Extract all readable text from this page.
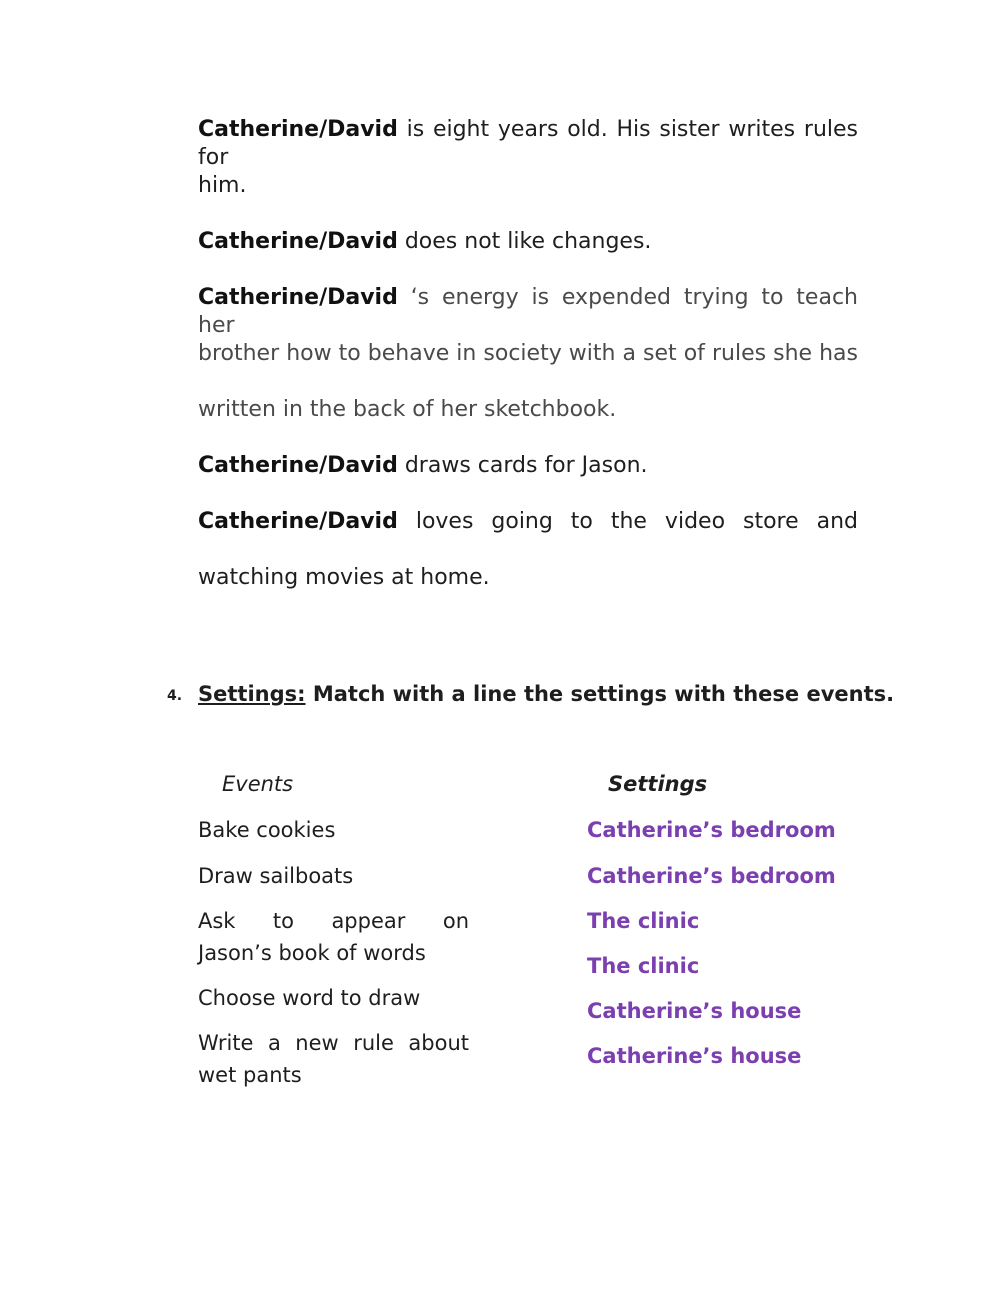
Catherine/David is eight years old. His sister writes rules for
him.
Catherine/David does not like changes.
Catherine/David ‘s energy is expended trying to teach her
brother how to behave in society with a set of rules she has
written in the back of her sketchbook.
Catherine/David draws cards for Jason.
Catherine/David loves going to the video store and
watching movies at home.
4. Settings: Match with a line the settings with these events.
Events	Settings
Bake cookies
Draw sailboats
Ask to appear on
Jason’s book of words
Choose word to draw
Write a new rule about
wet pants
Catherine’s bedroom
Catherine’s bedroom
The clinic
The clinic
Catherine’s house
Catherine’s house
